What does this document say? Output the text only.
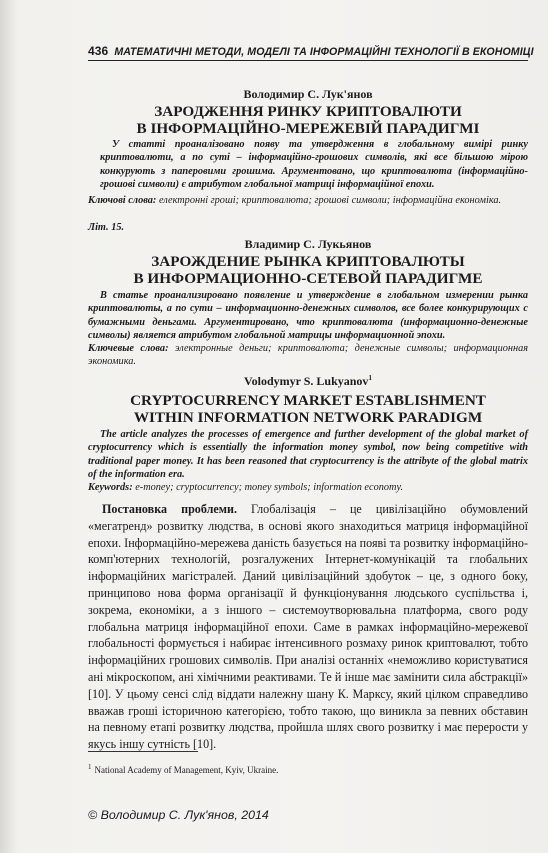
436 МАТЕМАТИЧНІ МЕТОДИ, МОДЕЛІ ТА ІНФОРМАЦІЙНІ ТЕХНОЛОГІЇ В ЕКОНОМІЦІ
Володимир С. Лук'янов
ЗАРОДЖЕННЯ РИНКУ КРИПТОВАЛЮТИ
В ІНФОРМАЦІЙНО-МЕРЕЖЕВІЙ ПАРАДИГМІ

У статті проаналізовано появу та утвердження в глобальному вимірі ринку криптовалюти, а по суті – інформаційно-грошових символів, які все більшою мірою конкурують з паперовими грошима. Аргументовано, що криптовалюта (інформаційно-грошові символи) є атрибутом глобальної матриці інформаційної епохи.

Ключові слова: електронні гроші; криптовалюта; грошові символи; інформаційна економіка.
Літ. 15.
Владимир С. Лукьянов
ЗАРОЖДЕНИЕ РЫНКА КРИПТОВАЛЮТЫ
В ИНФОРМАЦИОННО-СЕТЕВОЙ ПАРАДИГМЕ

В статье проанализировано появление и утверждение в глобальном измерении рынка криптовалюты, а по сути – информационно-денежных символов, все более конкурирующих с бумажными деньгами. Аргументировано, что криптовалюта (информационно-денежные символы) является атрибутом глобальной матрицы информационной эпохи.

Ключевые слова: электронные деньги; криптовалюта; денежные символы; информационная экономика.
Volodymyr S. Lukyanov$^1$
CRYPTOCURRENCY MARKET ESTABLISHMENT
WITHIN INFORMATION NETWORK PARADIGM

The article analyzes the processes of emergence and further development of the global market of cryptocurrency which is essentially the information money symbol, now being competitive with traditional paper money. It has been reasoned that cryptocurrency is the attribyte of the global matrix of the information era.

Keywords: e-money; cryptocurrency; money symbols; information economy.

Постановка проблеми. Глобалізація – це цивілізаційно обумовлений «мегатренд» розвитку людства, в основі якого знаходиться матриця інформаційної епохи. Інформаційно-мережева даність базується на появі та розвитку інформаційно-комп'ютерних технологій, розгалужених Інтернет-комунікацій та глобальних інформаційних магістралей. Даний цивілізаційний здобуток – це, з одного боку, принципово нова форма організації й функціонування людського суспільства і, зокрема, економіки, а з іншого – системоутворювальна платформа, свого роду глобальна матриця інформаційної епохи. Саме в рамках інформаційно-мережевої глобальності формується і набирає інтенсивного розмаху ринок криптовалют, тобто інформаційних грошових символів. При аналізі останніх «неможливо користуватися ані мікроскопом, ані хімічними реактивами. Те й інше має замінити сила абстракції» [10]. У цьому сенсі слід віддати належну шану К. Марксу, який цілком справедливо вважав гроші історичною категорією, тобто такою, що виникла за певних обставин на певному етапі розвитку людства, пройшла шлях свого розвитку і має перерости у якусь іншу сутність [10].

$^1$ National Academy of Management, Kyiv, Ukraine.
© Володимир С. Лук'янов, 2014
